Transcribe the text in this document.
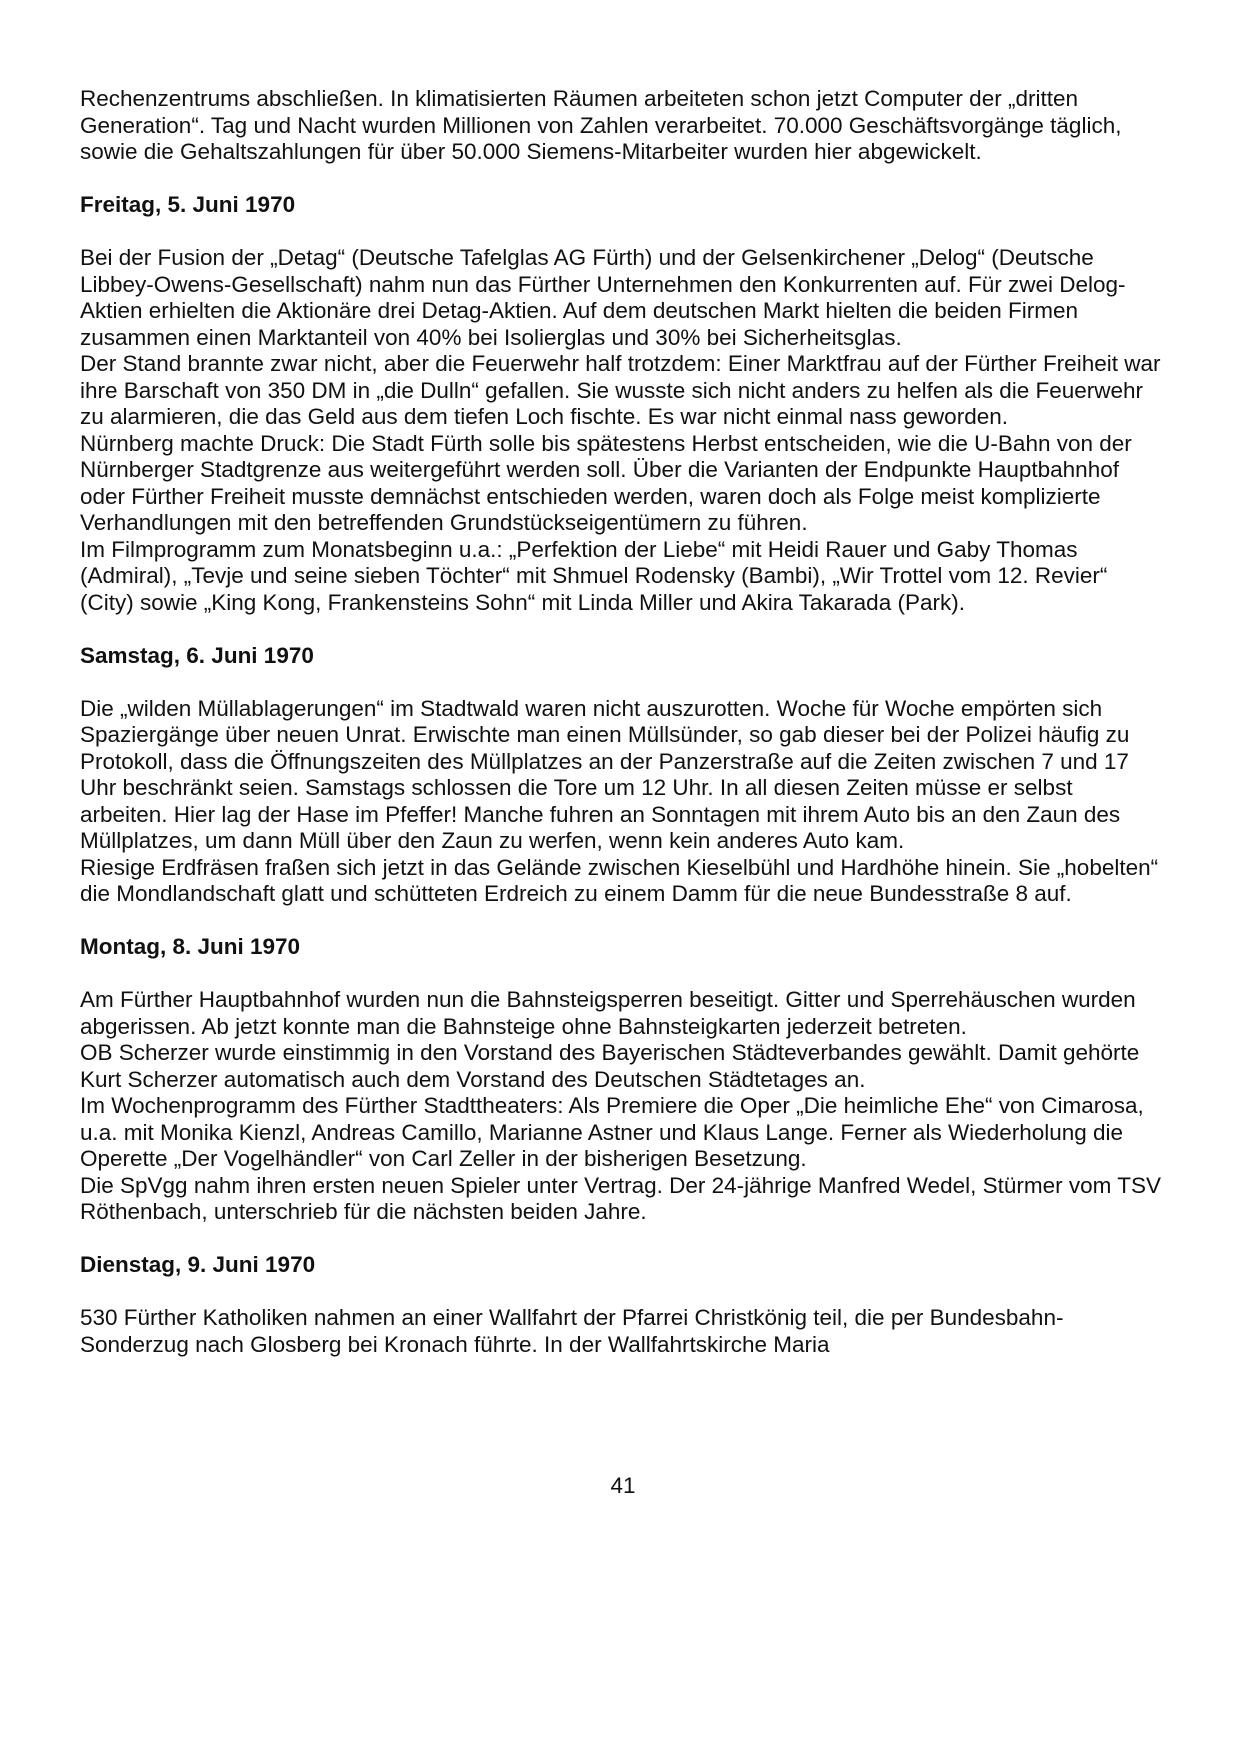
Rechenzentrums abschließen. In klimatisierten Räumen arbeiteten schon jetzt Computer der „dritten Generation“. Tag und Nacht wurden Millionen von Zahlen verarbeitet. 70.000 Geschäftsvorgänge täglich, sowie die Gehaltszahlungen für über 50.000 Siemens-Mitarbeiter wurden hier abgewickelt.

Freitag, 5. Juni 1970

Bei der Fusion der „Detag“ (Deutsche Tafelglas AG Fürth) und der Gelsenkirchener „Delog“ (Deutsche Libbey-Owens-Gesellschaft) nahm nun das Fürther Unternehmen den Konkurrenten auf. Für zwei Delog-Aktien erhielten die Aktionäre drei Detag-Aktien. Auf dem deutschen Markt hielten die beiden Firmen zusammen einen Marktanteil von 40% bei Isolierglas und 30% bei Sicherheitsglas.

Der Stand brannte zwar nicht, aber die Feuerwehr half trotzdem: Einer Marktfrau auf der Fürther Freiheit war ihre Barschaft von 350 DM in „die Dulln“ gefallen. Sie wusste sich nicht anders zu helfen als die Feuerwehr zu alarmieren, die das Geld aus dem tiefen Loch fischte. Es war nicht einmal nass geworden.

Nürnberg machte Druck: Die Stadt Fürth solle bis spätestens Herbst entscheiden, wie die U-Bahn von der Nürnberger Stadtgrenze aus weitergeführt werden soll. Über die Varianten der Endpunkte Hauptbahnhof oder Fürther Freiheit musste demnächst entschieden werden, waren doch als Folge meist komplizierte Verhandlungen mit den betreffenden Grundstückseigentümern zu führen.

Im Filmprogramm zum Monatsbeginn u.a.: „Perfektion der Liebe“ mit Heidi Rauer und Gaby Thomas (Admiral), „Tevje und seine sieben Töchter“ mit Shmuel Rodensky (Bambi), „Wir Trottel vom 12. Revier“ (City) sowie „King Kong, Frankensteins Sohn“ mit Linda Miller und Akira Takarada (Park).

Samstag, 6. Juni 1970

Die „wilden Müllablagerungen“ im Stadtwald waren nicht auszurotten. Woche für Woche empörten sich Spaziergänge über neuen Unrat. Erwischte man einen Müllsünder, so gab dieser bei der Polizei häufig zu Protokoll, dass die Öffnungszeiten des Müllplatzes an der Panzerstraße auf die Zeiten zwischen 7 und 17 Uhr beschränkt seien. Samstags schlossen die Tore um 12 Uhr. In all diesen Zeiten müsse er selbst arbeiten. Hier lag der Hase im Pfeffer! Manche fuhren an Sonntagen mit ihrem Auto bis an den Zaun des Müllplatzes, um dann Müll über den Zaun zu werfen, wenn kein anderes Auto kam.

Riesige Erdfräsen fraßen sich jetzt in das Gelände zwischen Kieselbühl und Hardhöhe hinein. Sie „hobelten“ die Mondlandschaft glatt und schütteten Erdreich zu einem Damm für die neue Bundesstraße 8 auf.

Montag, 8. Juni 1970

Am Fürther Hauptbahnhof wurden nun die Bahnsteigsperren beseitigt. Gitter und Sperrehäuschen wurden abgerissen. Ab jetzt konnte man die Bahnsteige ohne Bahnsteigkarten jederzeit betreten.

OB Scherzer wurde einstimmig in den Vorstand des Bayerischen Städteverbandes gewählt. Damit gehörte Kurt Scherzer automatisch auch dem Vorstand des Deutschen Städtetages an.

Im Wochenprogramm des Fürther Stadttheaters: Als Premiere die Oper „Die heimliche Ehe“ von Cimarosa, u.a. mit Monika Kienzl, Andreas Camillo, Marianne Astner und Klaus Lange. Ferner als Wiederholung die Operette „Der Vogelhändler“ von Carl Zeller in der bisherigen Besetzung.

Die SpVgg nahm ihren ersten neuen Spieler unter Vertrag. Der 24-jährige Manfred Wedel, Stürmer vom TSV Röthenbach, unterschrieb für die nächsten beiden Jahre.

Dienstag, 9. Juni 1970

530 Fürther Katholiken nahmen an einer Wallfahrt der Pfarrei Christkönig teil, die per Bundesbahn-Sonderzug nach Glosberg bei Kronach führte. In der Wallfahrtskirche Maria

41
